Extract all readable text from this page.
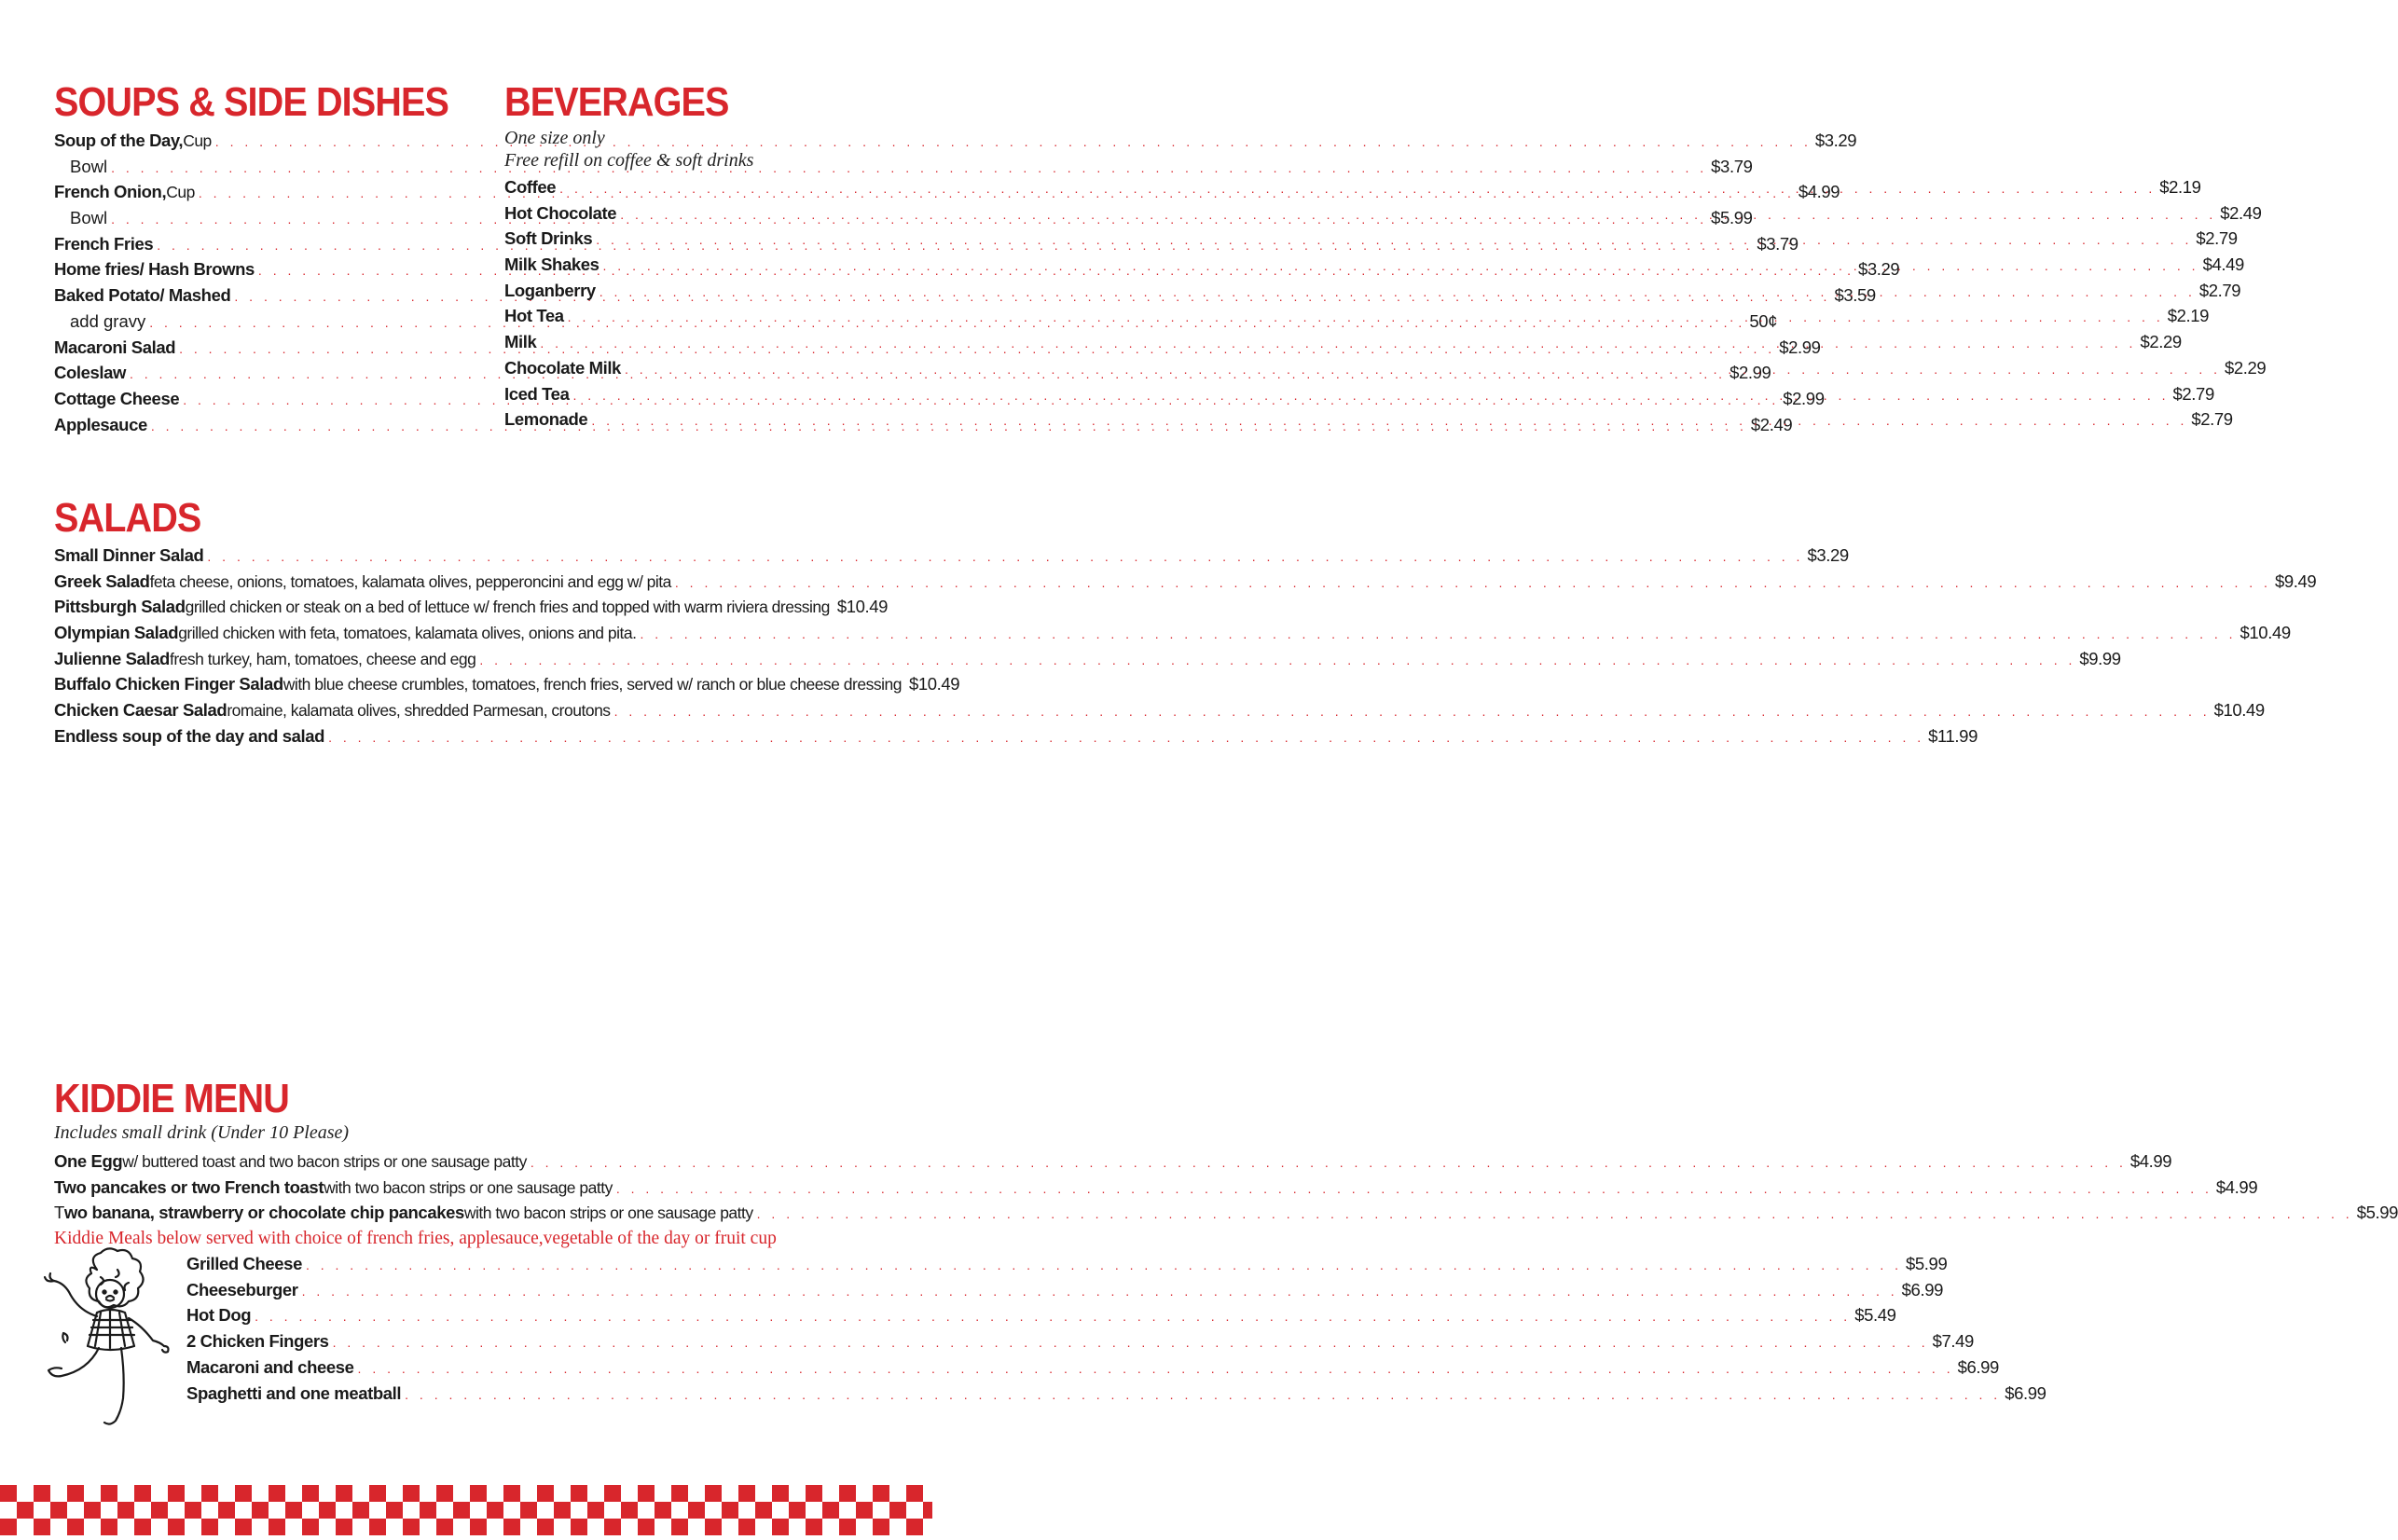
SOUPS & SIDE DISHES
Soup of the Day, Cup . . .	$3.29
Bowl . . .	$3.79
French Onion, Cup . . .	$4.99
Bowl . . .	$5.99
French Fries . . .	$3.79
Home fries/ Hash Browns . . .	$3.29
Baked Potato/ Mashed . . .	$3.59
add gravy . . .	50¢
Macaroni Salad . . .	$2.99
Coleslaw . . .	$2.99
Cottage Cheese . . .	$2.99
Applesauce . . .	$2.49
BEVERAGES
One size only
Free refill on coffee & soft drinks
Coffee . . .	$2.19
Hot Chocolate . . .	$2.49
Soft Drinks . . .	$2.79
Milk Shakes . . .	$4.49
Loganberry . . .	$2.79
Hot Tea . . .	$2.19
Milk . . .	$2.29
Chocolate Milk . . .	$2.29
Iced Tea . . .	$2.79
Lemonade . . .	$2.79
SALADS
Small Dinner Salad . . .	$3.29
Greek Salad feta cheese, onions, tomatoes, kalamata olives, pepperoncini and egg w/ pita . . .	$9.49
Pittsburgh Salad grilled chicken or steak on a bed of lettuce w/ french fries and topped with warm riviera dressing $10.49
Olympian Salad grilled chicken with feta, tomatoes, kalamata olives, onions and pita. . . .	$10.49
Julienne Salad fresh turkey, ham, tomatoes, cheese and egg . . .	$9.99
Buffalo Chicken Finger Salad with blue cheese crumbles, tomatoes, french fries, served w/ ranch or blue cheese dressing $10.49
Chicken Caesar Salad romaine, kalamata olives, shredded Parmesan, croutons . . .	$10.49
Endless soup of the day and salad . . .	$11.99
KIDDIE MENU
Includes small drink (Under 10 Please)
One Egg w/ buttered toast and two bacon strips or one sausage patty . . .	$4.99
Two pancakes or two French toast with two bacon strips or one sausage patty . . .	$4.99
T wo banana, strawberry or chocolate chip pancakes with two bacon strips or one sausage patty . . .	$5.99
Kiddie Meals below served with choice of french fries, applesauce,vegetable of the day or fruit cup
Grilled Cheese . . .	$5.99
Cheeseburger . . .	$6.99
Hot Dog . . .	$5.49
2 Chicken Fingers . . .	$7.49
Macaroni and cheese . . .	$6.99
Spaghetti and one meatball . . .	$6.99
